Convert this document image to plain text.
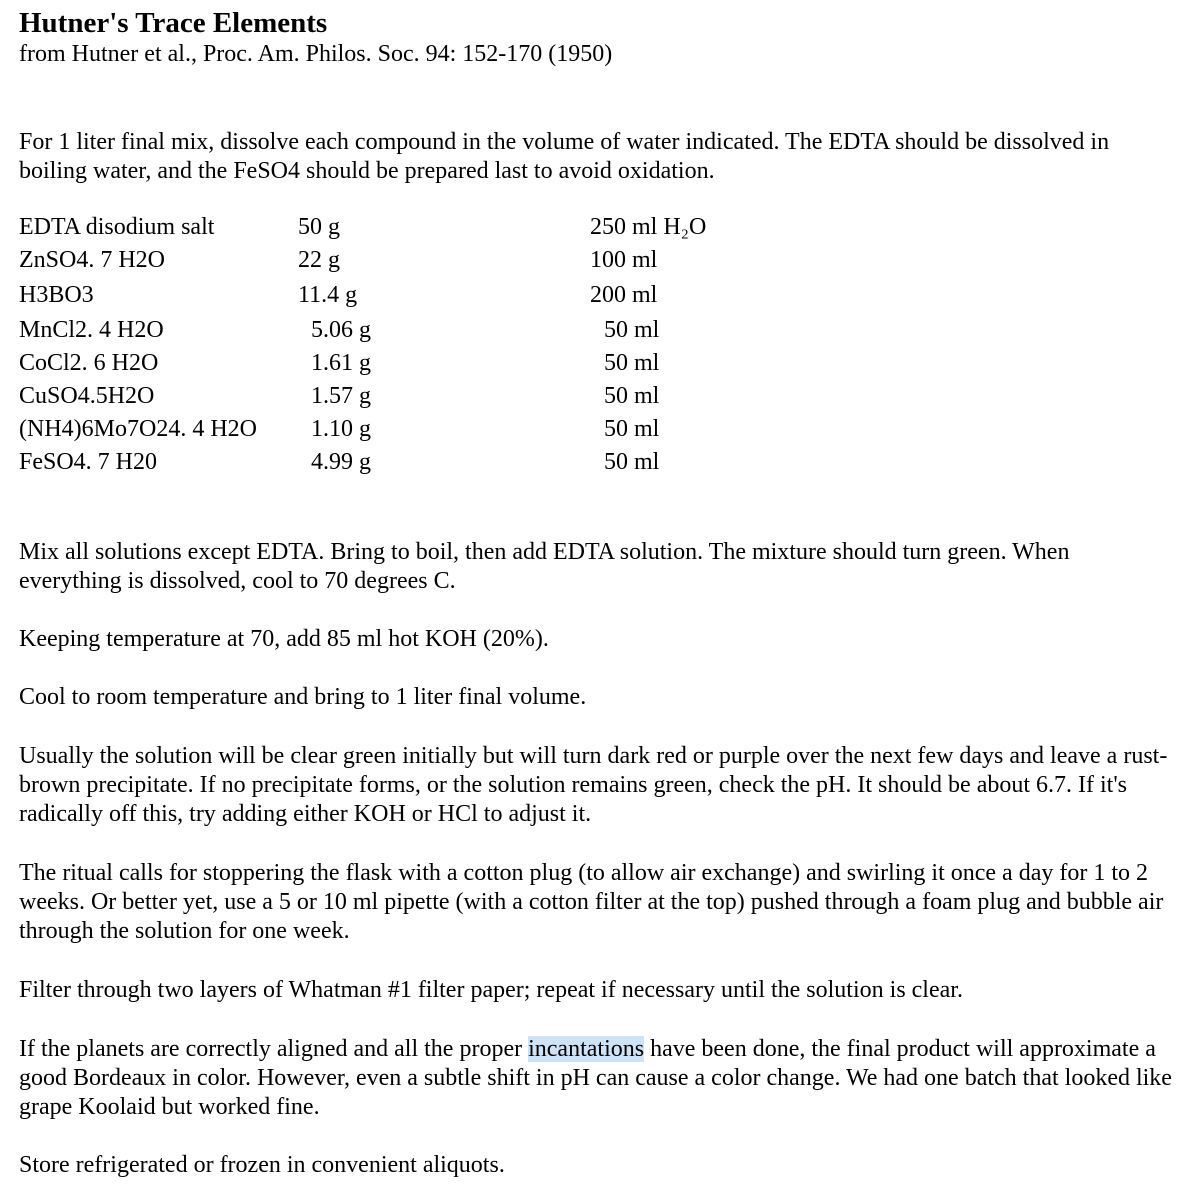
Hutner's Trace Elements
from Hutner et al., Proc. Am. Philos. Soc. 94: 152-170 (1950)
For 1 liter final mix, dissolve each compound in the volume of water indicated. The EDTA should be dissolved in boiling water, and the FeSO4 should be prepared last to avoid oxidation.
EDTA disodium salt	50 g	250 ml H₂O
ZnSO4. 7 H2O	22 g	100 ml
H3BO3	11.4 g	200 ml
MnCl2. 4 H2O	5.06 g	50 ml
CoCl2. 6 H2O	1.61 g	50 ml
CuSO4.5H2O	1.57 g	50 ml
(NH4)6Mo7O24. 4 H2O 1.10 g	50 ml
FeSO4. 7 H20	4.99 g	50 ml
Mix all solutions except EDTA. Bring to boil, then add EDTA solution. The mixture should turn green. When everything is dissolved, cool to 70 degrees C.
Keeping temperature at 70, add 85 ml hot KOH (20%).
Cool to room temperature and bring to 1 liter final volume.
Usually the solution will be clear green initially but will turn dark red or purple over the next few days and leave a rust-brown precipitate. If no precipitate forms, or the solution remains green, check the pH. It should be about 6.7. If it's radically off this, try adding either KOH or HCl to adjust it.
The ritual calls for stoppering the flask with a cotton plug (to allow air exchange) and swirling it once a day for 1 to 2 weeks. Or better yet, use a 5 or 10 ml pipette (with a cotton filter at the top) pushed through a foam plug and bubble air through the solution for one week.
Filter through two layers of Whatman #1 filter paper; repeat if necessary until the solution is clear.
If the planets are correctly aligned and all the proper incantations have been done, the final product will approximate a good Bordeaux in color. However, even a subtle shift in pH can cause a color change. We had one batch that looked like grape Koolaid but worked fine.
Store refrigerated or frozen in convenient aliquots.
